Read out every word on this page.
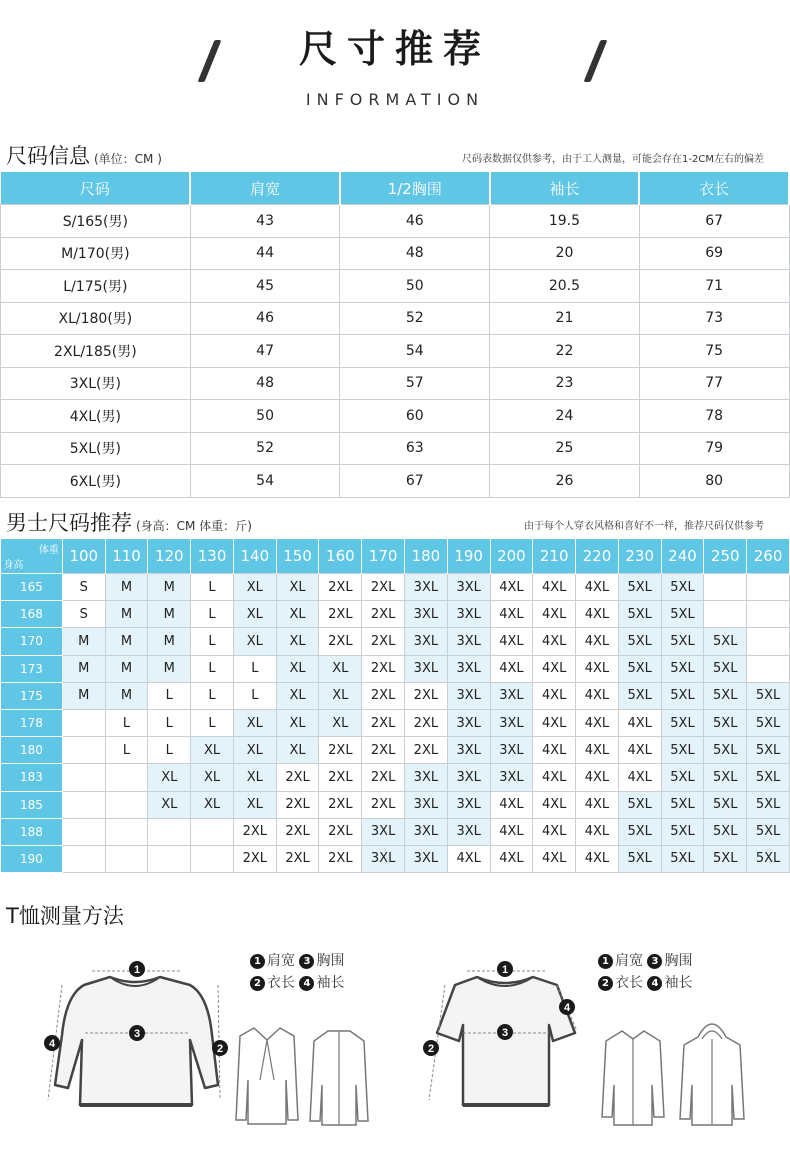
尺寸推荐
INFORMATION
尺码信息 (单位：CM )	尺码表数据仅供参考，由于工人测量，可能会存在1-2CM左右的偏差
尺码	肩宽	1/2胸围	袖长	衣长
S/165(男)	43	46	19.5	67
M/170(男)	44	48	20	69
L/175(男)	45	50	20.5	71
XL/180(男)	46	52	21	73
2XL/185(男)	47	54	22	75
3XL(男)	48	57	23	77
4XL(男)	50	60	24	78
5XL(男)	52	63	25	79
6XL(男)	54	67	26	80
男士尺码推荐 (身高：CM 体重：斤)	由于每个人穿衣风格和喜好不一样，推荐尺码仅供参考
体重
身高	100	110	120	130	140	150	160	170	180	190	200	210	220	230	240	250	260
165	S	M	M	L	XL	XL	2XL	2XL	3XL	3XL	4XL	4XL	4XL	5XL	5XL		
168	S	M	M	L	XL	XL	2XL	2XL	3XL	3XL	4XL	4XL	4XL	5XL	5XL		
170	M	M	M	L	XL	XL	2XL	2XL	3XL	3XL	4XL	4XL	4XL	5XL	5XL	5XL	
173	M	M	M	L	L	XL	XL	2XL	3XL	3XL	4XL	4XL	4XL	5XL	5XL	5XL	
175	M	M	L	L	L	XL	XL	2XL	2XL	3XL	3XL	4XL	4XL	5XL	5XL	5XL	5XL
178		L	L	L	XL	XL	XL	2XL	2XL	3XL	3XL	4XL	4XL	4XL	5XL	5XL	5XL
180		L	L	XL	XL	XL	2XL	2XL	2XL	3XL	3XL	4XL	4XL	4XL	5XL	5XL	5XL
183			XL	XL	XL	2XL	2XL	2XL	3XL	3XL	3XL	4XL	4XL	4XL	5XL	5XL	5XL
185			XL	XL	XL	2XL	2XL	2XL	3XL	3XL	4XL	4XL	4XL	5XL	5XL	5XL	5XL
188					2XL	2XL	2XL	3XL	3XL	3XL	4XL	4XL	4XL	5XL	5XL	5XL	5XL
190					2XL	2XL	2XL	3XL	3XL	4XL	4XL	4XL	4XL	5XL	5XL	5XL	5XL
T恤测量方法
1 肩宽 3 胸围
2 衣长 4 袖长
1 肩宽 3 胸围
2 衣长 4 袖长
1
3
4	2
1
3
4
2
